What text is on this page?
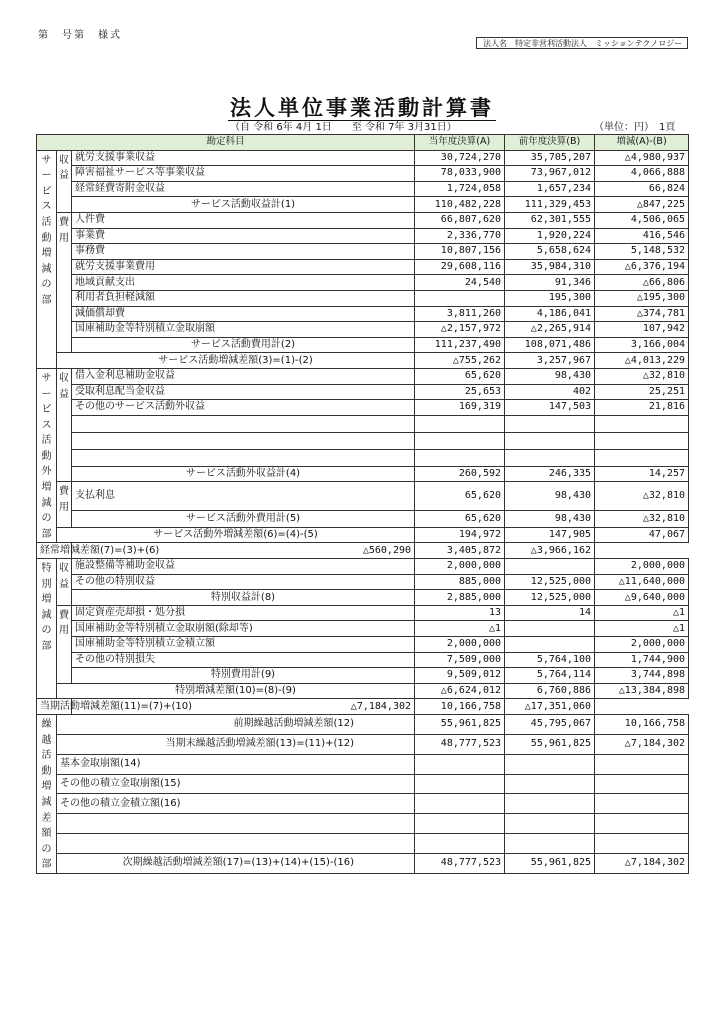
第　号第　様式
法人名　特定非営利活動法人　ミッションテクノロジー
法人単位事業活動計算書
（自 令和 6年 4月 1日　　至 令和 7年 3月31日）	（単位：円）　1頁
勘定科目			当年度決算(A)	前年度決算(B)	増減(A)-(B)
サービス活動増減の部	収益	就労支援事業収益	30,724,270	35,705,207	△4,980,937
		障害福祉サービス等事業収益	78,033,900	73,967,012	4,066,888
		経常経費寄附金収益	1,724,058	1,657,234	66,824
		サービス活動収益計(1)	110,482,228	111,329,453	△847,225
	費用	人件費	66,807,620	62,301,555	4,506,065
		事業費	2,336,770	1,920,224	416,546
		事務費	10,807,156	5,658,624	5,148,532
		就労支援事業費用	29,608,116	35,984,310	△6,376,194
		地域貢献支出	24,540	91,346	△66,806
		利用者負担軽減額		195,300	△195,300
		減価償却費	3,811,260	4,186,041	△374,781
		国庫補助金等特別積立金取崩額	△2,157,972	△2,265,914	107,942
		サービス活動費用計(2)	111,237,490	108,071,486	3,166,004
	サービス活動増減差額(3)=(1)-(2)		△755,262	3,257,967	△4,013,229
サービス活動外増減の部	収益	借入金利息補助金収益	65,620	98,430	△32,810
		受取利息配当金収益	25,653	402	25,251
		その他のサービス活動外収益	169,319	147,503	21,816

		サービス活動外収益計(4)	260,592	246,335	14,257
	費用	支払利息	65,620	98,430	△32,810
		サービス活動外費用計(5)	65,620	98,430	△32,810
	サービス活動外増減差額(6)=(4)-(5)		194,972	147,905	47,067
経常増減差額(7)=(3)+(6)		△560,290	3,405,872	△3,966,162	
特別増減の部	収益	施設整備等補助金収益	2,000,000		2,000,000
		その他の特別収益	885,000	12,525,000	△11,640,000
		特別収益計(8)	2,885,000	12,525,000	△9,640,000
	費用	固定資産売却損・処分損	13	14	△1
		国庫補助金等特別積立金取崩額(除却等)	△1		△1
		国庫補助金等特別積立金積立額	2,000,000		2,000,000
		その他の特別損失	7,509,000	5,764,100	1,744,900
		特別費用計(9)	9,509,012	5,764,114	3,744,898
	特別増減差額(10)=(8)-(9)		△6,624,012	6,760,886	△13,384,898
当期活動増減差額(11)=(7)+(10)		△7,184,302	10,166,758	△17,351,060	
繰越活動増減差額の部	前期繰越活動増減差額(12)		55,961,825	45,795,067	10,166,758
	当期末繰越活動増減差額(13)=(11)+(12)		48,777,523	55,961,825	△7,184,302
	基本金取崩額(14)				
	その他の積立金取崩額(15)				
	その他の積立金積立額(16)				

	次期繰越活動増減差額(17)=(13)+(14)+(15)-(16)		48,777,523	55,961,825	△7,184,302
